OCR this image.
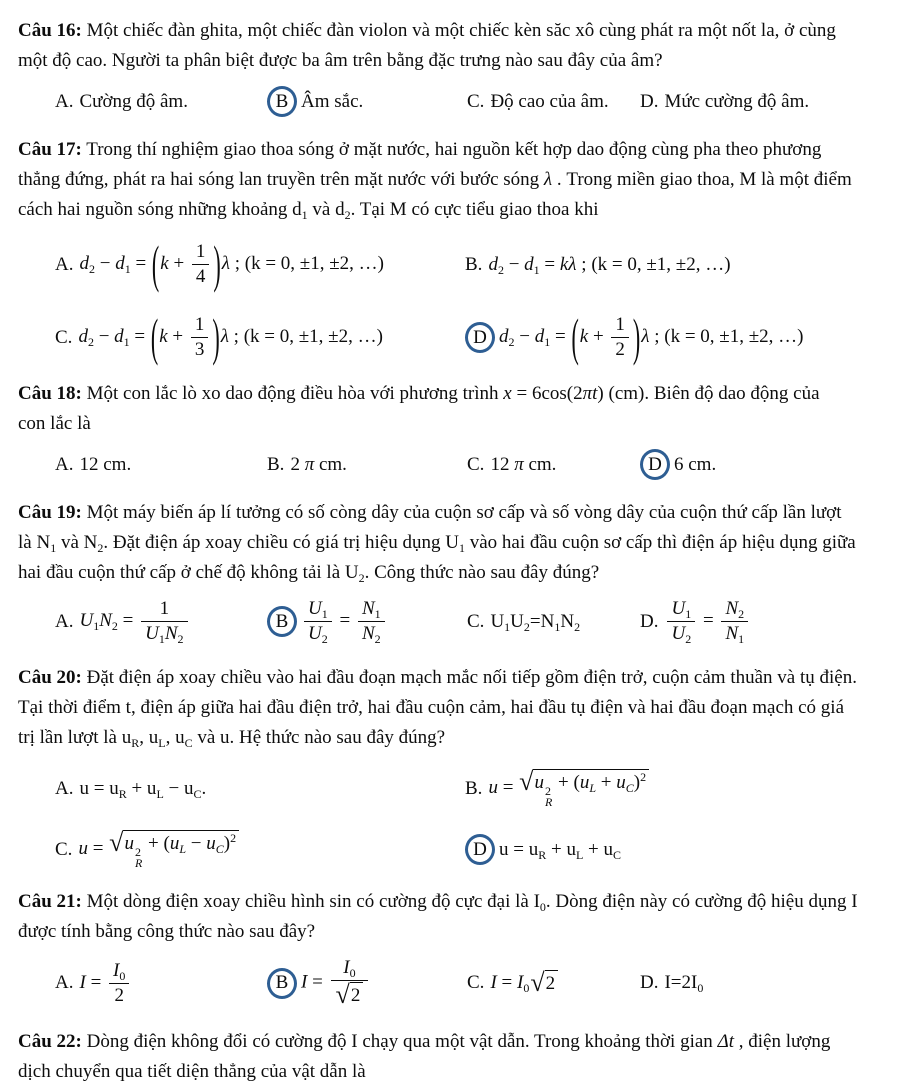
Câu 16: Một chiếc đàn ghita, một chiếc đàn violon và một chiếc kèn săc xô cùng phát ra một nốt la, ở cùng
một độ cao. Người ta phân biệt được ba âm trên bằng đặc trưng nào sau đây của âm?

A. Cường độ âm.	B Âm sắc.	C. Độ cao của âm. D. Mức cường độ âm.

Câu 17: Trong thí nghiệm giao thoa sóng ở mặt nước, hai nguồn kết hợp dao động cùng pha theo phương
thẳng đứng, phát ra hai sóng lan truyền trên mặt nước với bước sóng λ . Trong miền giao thoa, M là một điểm
cách hai nguồn sóng những khoảng $d_1$ và $d_2$. Tại M có cực tiểu giao thoa khi

A. $d_2 - d_1 = (k + \frac{1}{4} )\lambda$ ; (k = 0, ±1, ±2, …)	B. $d_2 - d_1 = k\lambda$ ; (k = 0, ±1, ±2, …)
C. $d_2 - d_1 = (k + \frac{1}{3} )\lambda$ ; (k = 0, ±1, ±2, …)	D $d_2 - d_1 = (k + \frac{1}{2} )\lambda$ ; (k = 0, ±1, ±2, …)

Câu 18: Một con lắc lò xo dao động điều hòa với phương trình x = 6cos(2πt) (cm). Biên độ dao động của
con lắc là

A. 12 cm.	B. 2 π cm.	C. 12 π cm.	D 6 cm.

Câu 19: Một máy biến áp lí tưởng có số còng dây của cuộn sơ cấp và số vòng dây của cuộn thứ cấp lần lượt
là $N_1$ và $N_2$. Đặt điện áp xoay chiều có giá trị hiệu dụng $U_1$ vào hai đầu cuộn sơ cấp thì điện áp hiệu dụng giữa
hai đầu cuộn thứ cấp ở chế độ không tải là $U_2$. Công thức nào sau đây đúng?

A. $U_1N_2 = \frac{1}{U_1N_2}$	B $\frac{U_1}{U_2} = \frac{N_1}{N_2}$	C. $U_1U_2=N_1N_2$	D. $\frac{U_1}{U_2} = \frac{N_2}{N_1}$

Câu 20: Đặt điện áp xoay chiều vào hai đầu đoạn mạch mắc nối tiếp gồm điện trở, cuộn cảm thuần và tụ điện.
Tại thời điểm t, điện áp giữa hai đầu điện trở, hai đầu cuộn cảm, hai đầu tụ điện và hai đầu đoạn mạch có giá
trị lần lượt là $u_R$, $u_L$, $u_C$ và u. Hệ thức nào sau đây đúng?

A. $u = u_R + u_L - u_C$.	B. u = √ u 2
R
+ $(u_L + u_C)^2$
C. u = √ u 2
R
+ $(u_L - u_C)^2$
D $u = u_R + u_L + u_C$

Câu 21: Một dòng điện xoay chiều hình sin có cường độ cực đại là $I_0$. Dòng điện này có cường độ hiệu dụng I
được tính bằng công thức nào sau đây?

A. $I = \frac{I_0}{2}$	B $I = \frac{I_0}{√ 2}$	C. $I = I_0$ √ 2	D. $I=2I_0$

Câu 22: Dòng điện không đổi có cường độ I chạy qua một vật dẫn. Trong khoảng thời gian Δt , điện lượng
dịch chuyển qua tiết diện thẳng của vật dẫn là
